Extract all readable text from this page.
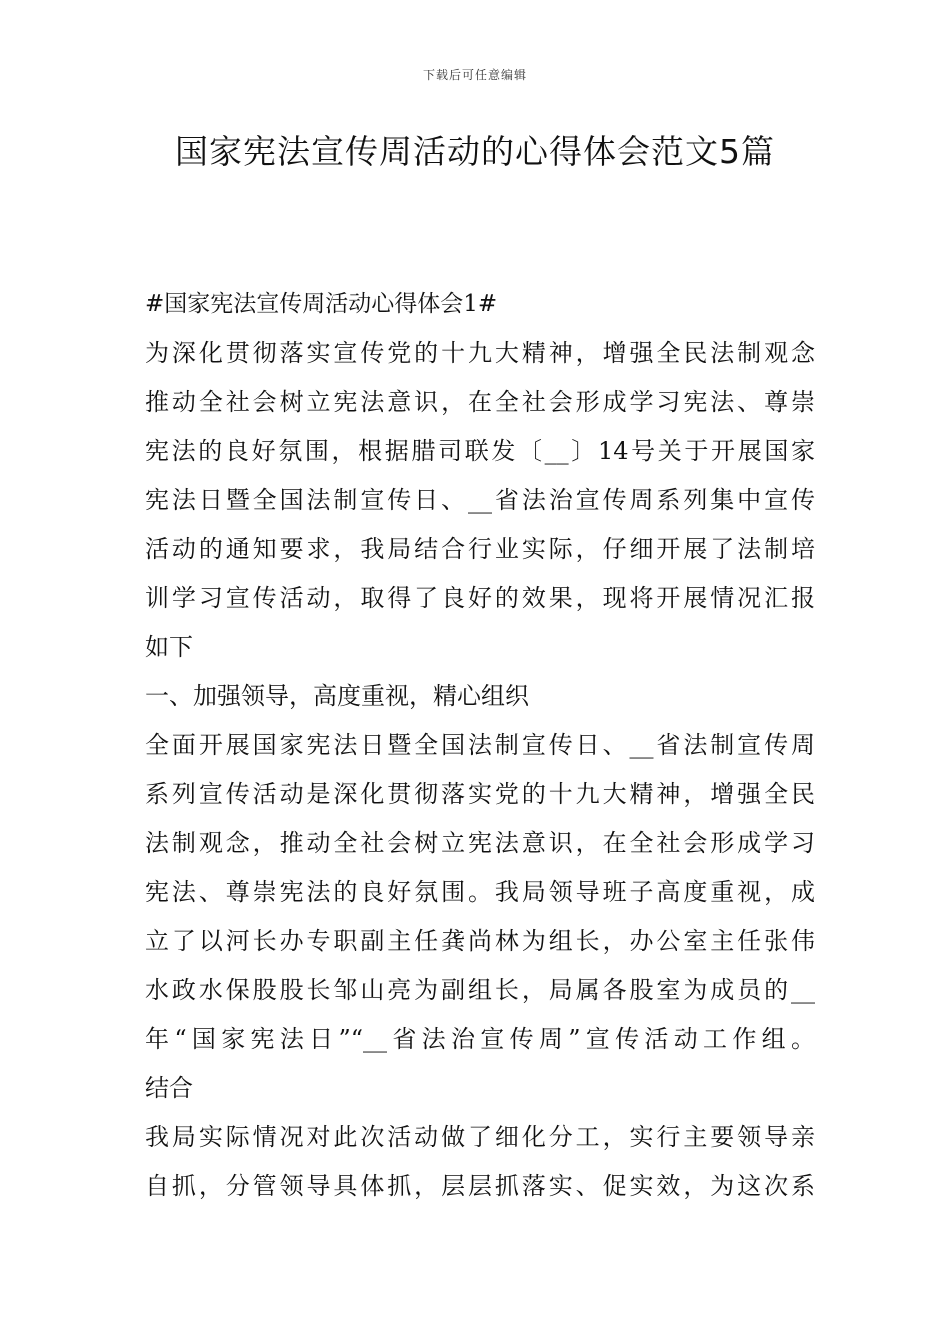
下载后可任意编辑
国家宪法宣传周活动的心得体会范文5篇
#国家宪法宣传周活动心得体会1#
为深化贯彻落实宣传党的十九大精神，增强全民法制观念
推动全社会树立宪法意识，在全社会形成学习宪法、尊崇
宪法的良好氛围，根据腊司联发〔__〕14号关于开展国家
宪法日暨全国法制宣传日、__省法治宣传周系列集中宣传
活动的通知要求，我局结合行业实际，仔细开展了法制培
训学习宣传活动，取得了良好的效果，现将开展情况汇报
如下
一、加强领导，高度重视，精心组织
全面开展国家宪法日暨全国法制宣传日、__省法制宣传周
系列宣传活动是深化贯彻落实党的十九大精神，增强全民
法制观念，推动全社会树立宪法意识，在全社会形成学习
宪法、尊崇宪法的良好氛围。我局领导班子高度重视，成
立了以河长办专职副主任龚尚林为组长，办公室主任张伟
水政水保股股长邹山亮为副组长，局属各股室为成员的__
年“国家宪法日”“__省法治宣传周”宣传活动工作组。
结合
我局实际情况对此次活动做了细化分工，实行主要领导亲
自抓，分管领导具体抓，层层抓落实、促实效，为这次系
